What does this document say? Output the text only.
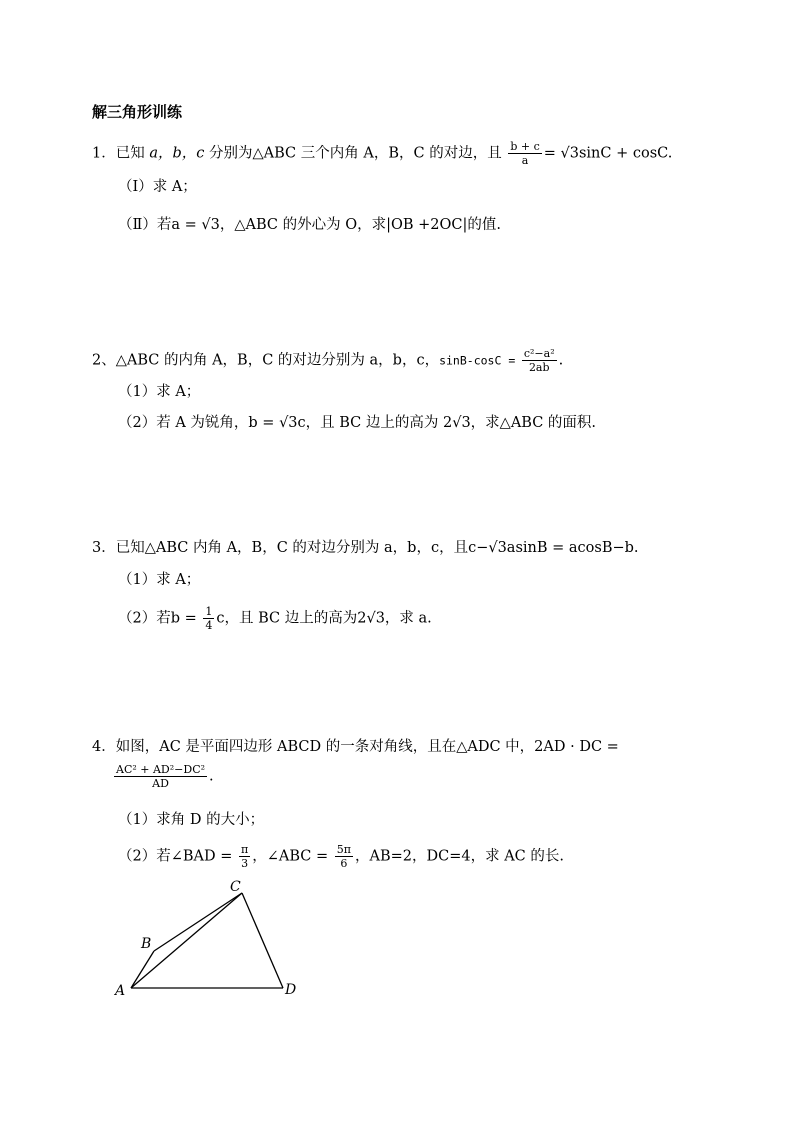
解三角形训练
1．已知 a，b，c 分别为△ABC 三个内角 A，B，C 的对边，且 $\frac{b + c}{a} = √3\sin C + \cos C$.
（Ⅰ）求 A；
（Ⅱ）若a = √3，△ABC 的外心为 O，求|OB +2OC|的值.
2、△ABC 的内角 A，B，C 的对边分别为 a，b，c，$\sin B-\cos C = \frac{\text{c²−a²}}{2ab}$ .
（1）求 A；
（2）若 A 为锐角，b = √3c，且 BC 边上的高为 2√3，求△ABC 的面积.
3．已知△ABC 内角 A，B，C 的对边分别为 a，b，c，且c−√3asinB = acosB−b.
（1）求 A；
（2）若$b = \frac{1}{4}$ c，且 BC 边上的高为2√3，求 a.
4．如图，AC 是平面四边形 ABCD 的一条对角线，且在△ADC 中，2AD · DC =
$\frac{\text{AC² + AD²−DC²}}{AD}$ .
（1）求角 D 的大小；
（2）若∠BAD = $\frac{\pi}{3}$ ，∠ABC = $\frac{5\pi}{6}$ ，AB=2，DC=4，求 AC 的长.
A
B
C
D
